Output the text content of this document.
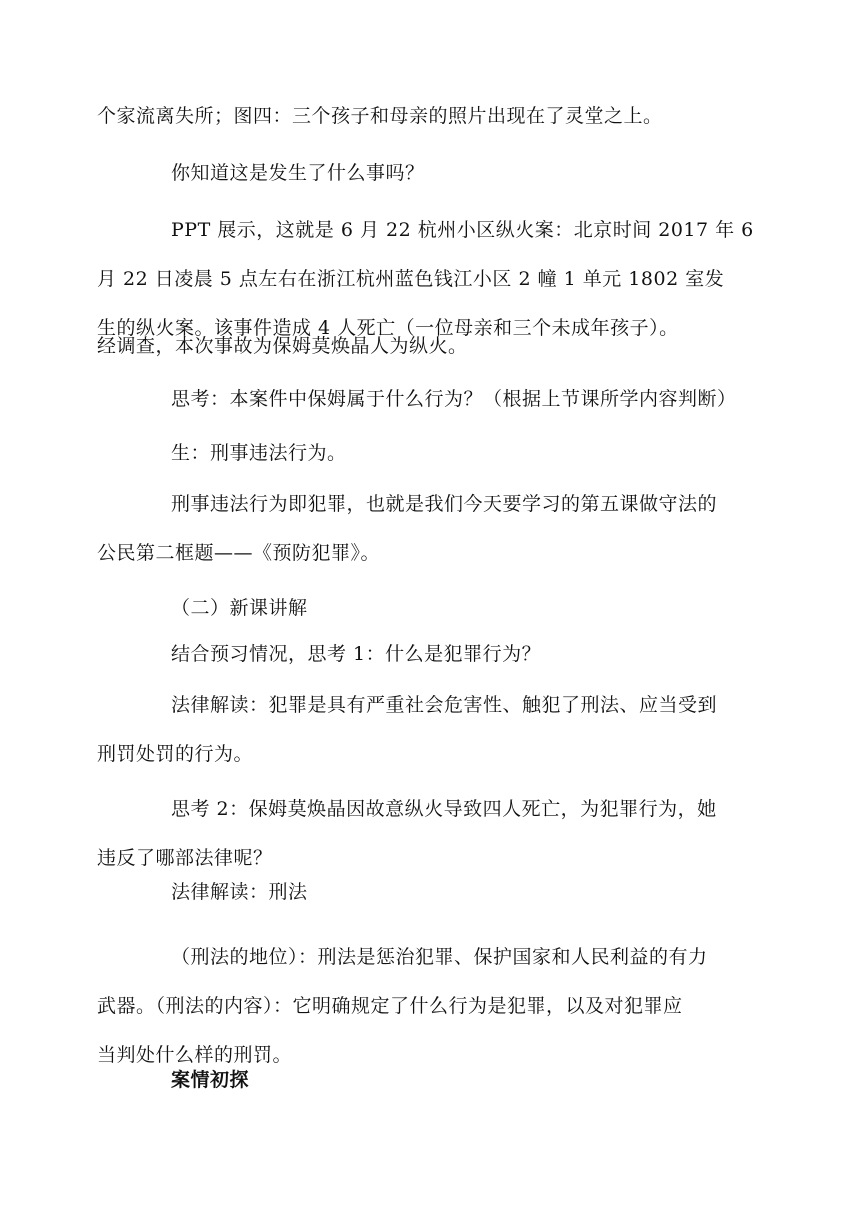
个家流离失所；图四：三个孩子和母亲的照片出现在了灵堂之上。
你知道这是发生了什么事吗？
PPT 展示，这就是 6 月 22 杭州小区纵火案：北京时间 2017 年 6
月 22 日凌晨 5 点左右在浙江杭州蓝色钱江小区 2 幢 1 单元 1802 室发
生的纵火案。该事件造成 4 人死亡（一位母亲和三个未成年孩子）。
经调查，本次事故为保姆莫焕晶人为纵火。
思考：本案件中保姆属于什么行为？（根据上节课所学内容判断）
生：刑事违法行为。
刑事违法行为即犯罪，也就是我们今天要学习的第五课做守法的
公民第二框题——《预防犯罪》。
（二）新课讲解
结合预习情况，思考 1：什么是犯罪行为？
法律解读：犯罪是具有严重社会危害性、触犯了刑法、应当受到
刑罚处罚的行为。
思考 2：保姆莫焕晶因故意纵火导致四人死亡，为犯罪行为，她
违反了哪部法律呢？
法律解读：刑法
（刑法的地位）：刑法是惩治犯罪、保护国家和人民利益的有力
武器。（刑法的内容）：它明确规定了什么行为是犯罪，以及对犯罪应
当判处什么样的刑罚。
案情初探
